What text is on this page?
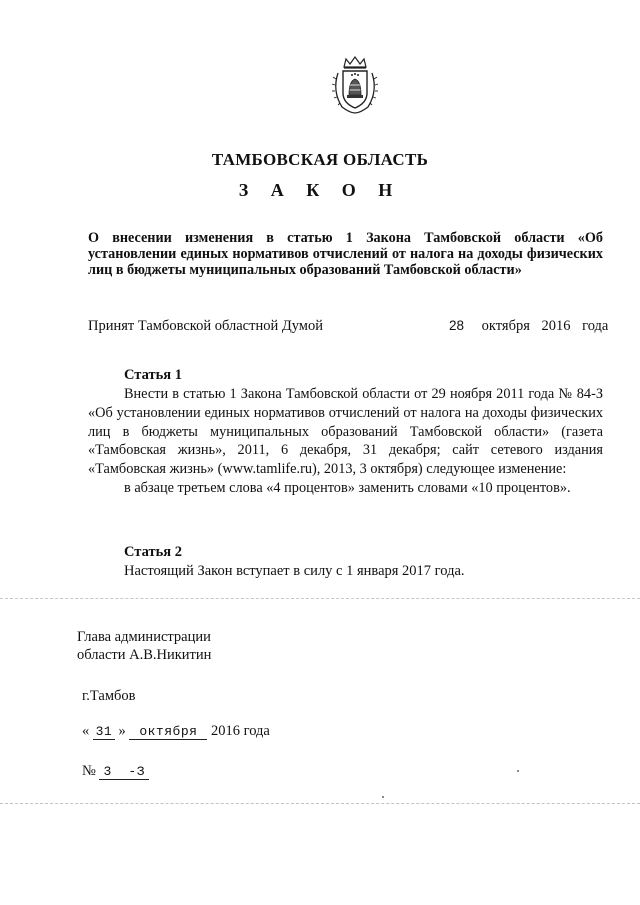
ТАМБОВСКАЯ ОБЛАСТЬ
З А К О Н
О внесении изменения в статью 1 Закона Тамбовской области «Об установлении единых нормативов отчислений от налога на доходы физических лиц в бюджеты муниципальных образований Тамбовской области»
Принят Тамбовской областной Думой	28 октября 2016 года
Статья 1

Внести в статью 1 Закона Тамбовской области от 29 ноября 2011 года № 84-З «Об установлении единых нормативов отчислений от налога на доходы физических лиц в бюджеты муниципальных образований Тамбовской области» (газета «Тамбовская жизнь», 2011, 6 декабря, 31 декабря; сайт сетевого издания «Тамбовская жизнь» (www.tamlife.ru), 2013, 3 октября) следующее изменение:

в абзаце третьем слова «4 процентов» заменить словами «10 процентов».

Статья 2
Настоящий Закон вступает в силу с 1 января 2017 года.
Глава администрации
области А.В.Никитин
г.Тамбов
« 31 » октября 2016 года
№ 3 -З
